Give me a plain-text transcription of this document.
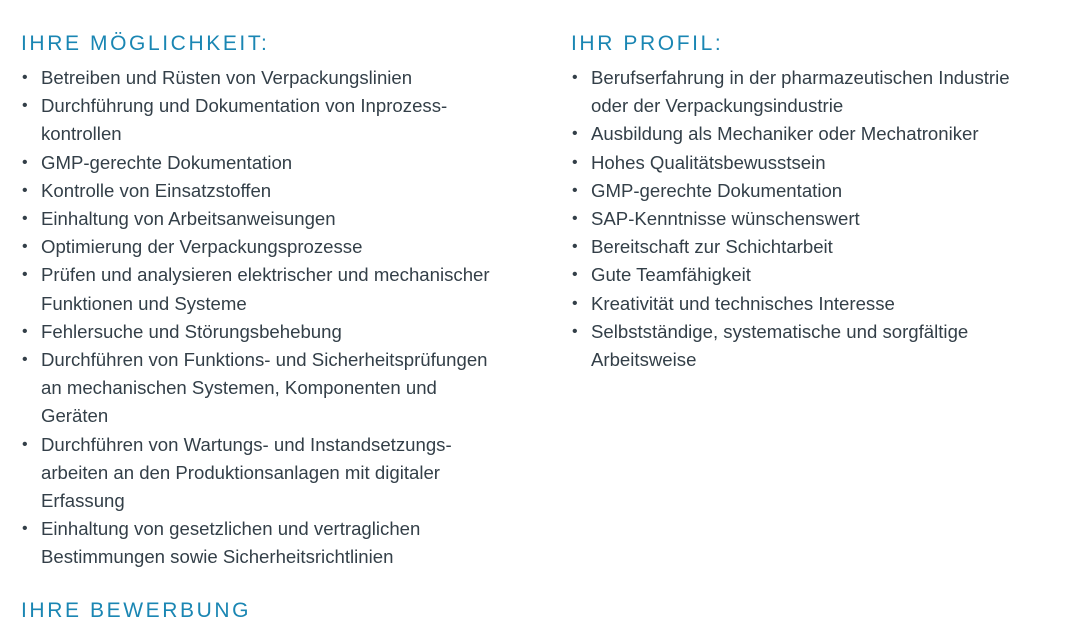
IHRE MÖGLICHKEIT:
• Betreiben und Rüsten von Verpackungslinien
• Durchführung und Dokumentation von Inprozess-
kontrollen
• GMP-gerechte Dokumentation
• Kontrolle von Einsatzstoffen
• Einhaltung von Arbeitsanweisungen
• Optimierung der Verpackungsprozesse
• Prüfen und analysieren elektrischer und mechanischer
Funktionen und Systeme
• Fehlersuche und Störungsbehebung
• Durchführen von Funktions- und Sicherheitsprüfungen
an mechanischen Systemen, Komponenten und
Geräten
• Durchführen von Wartungs- und Instandsetzungs-
arbeiten an den Produktionsanlagen mit digitaler
Erfassung
• Einhaltung von gesetzlichen und vertraglichen
Bestimmungen sowie Sicherheitsrichtlinien
IHR PROFIL:
• Berufserfahrung in der pharmazeutischen Industrie
oder der Verpackungsindustrie
• Ausbildung als Mechaniker oder Mechatroniker
• Hohes Qualitätsbewusstsein
• GMP-gerechte Dokumentation
• SAP-Kenntnisse wünschenswert
• Bereitschaft zur Schichtarbeit
• Gute Teamfähigkeit
• Kreativität und technisches Interesse
• Selbstständige, systematische und sorgfältige
Arbeitsweise
IHRE BEWERBUNG
